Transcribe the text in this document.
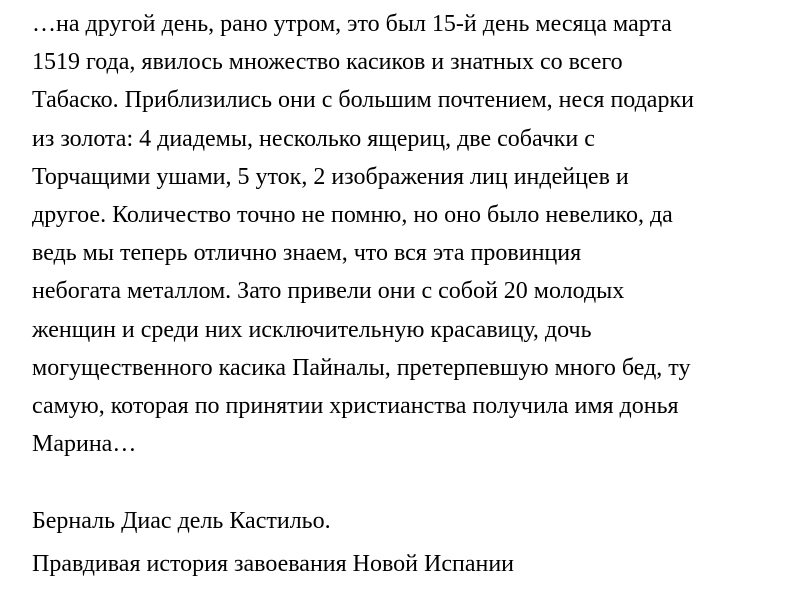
…на другой день, рано утром, это был 15-й день месяца марта
1519 года, явилось множество касиков и знатных со всего
Табаско. Приблизились они с большим почтением, неся подарки
из золота: 4 диадемы, несколько ящериц, две собачки с
Торчащими ушами, 5 уток, 2 изображения лиц индейцев и
другое. Количество точно не помню, но оно было невелико, да
ведь мы теперь отлично знаем, что вся эта провинция
небогата металлом. Зато привели они с собой 20 молодых
женщин и среди них исключительную красавицу, дочь
могущественного касика Пайналы, претерпевшую много бед, ту
самую, которая по принятии христианства получила имя донья
Марина…
Берналь Диас дель Кастильо.
Правдивая история завоевания Новой Испании
